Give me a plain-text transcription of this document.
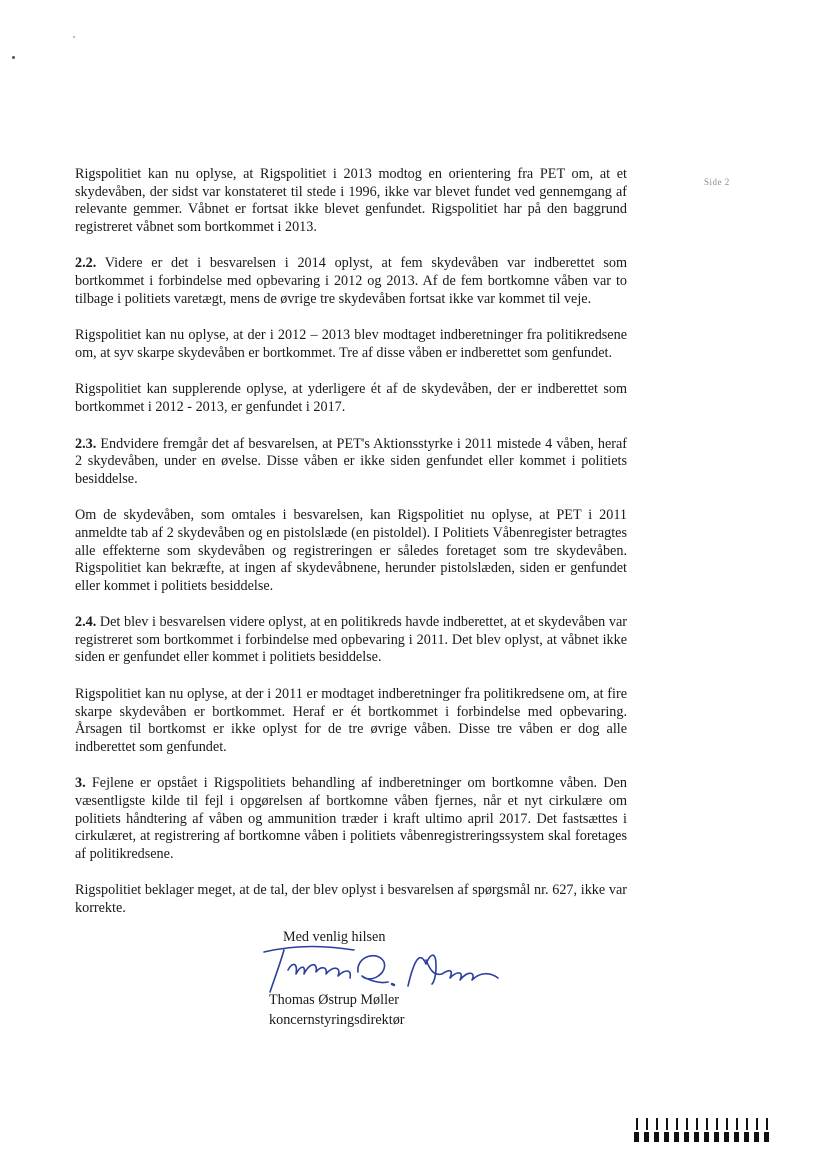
Side 2

Rigspolitiet kan nu oplyse, at Rigspolitiet i 2013 modtog en orientering fra PET om, at et skydevåben, der sidst var konstateret til stede i 1996, ikke var blevet fundet ved gennemgang af relevante gemmer. Våbnet er fortsat ikke blevet genfundet. Rigspolitiet har på den baggrund registreret våbnet som bortkommet i 2013.

2.2. Videre er det i besvarelsen i 2014 oplyst, at fem skydevåben var indberettet som bortkommet i forbindelse med opbevaring i 2012 og 2013. Af de fem bortkomne våben var to tilbage i politiets varetægt, mens de øvrige tre skydevåben fortsat ikke var kommet til veje.

Rigspolitiet kan nu oplyse, at der i 2012 – 2013 blev modtaget indberetninger fra politikredsene om, at syv skarpe skydevåben er bortkommet. Tre af disse våben er indberettet som genfundet.

Rigspolitiet kan supplerende oplyse, at yderligere ét af de skydevåben, der er indberettet som bortkommet i 2012 - 2013, er genfundet i 2017.

2.3. Endvidere fremgår det af besvarelsen, at PET's Aktionsstyrke i 2011 mistede 4 våben, heraf 2 skydevåben, under en øvelse. Disse våben er ikke siden genfundet eller kommet i politiets besiddelse.

Om de skydevåben, som omtales i besvarelsen, kan Rigspolitiet nu oplyse, at PET i 2011 anmeldte tab af 2 skydevåben og en pistolslæde (en pistoldel). I Politiets Våbenregister betragtes alle effekterne som skydevåben og registreringen er således foretaget som tre skydevåben. Rigspolitiet kan bekræfte, at ingen af skydevåbnene, herunder pistolslæden, siden er genfundet eller kommet i politiets besiddelse.

2.4. Det blev i besvarelsen videre oplyst, at en politikreds havde indberettet, at et skydevåben var registreret som bortkommet i forbindelse med opbevaring i 2011. Det blev oplyst, at våbnet ikke siden er genfundet eller kommet i politiets besiddelse.

Rigspolitiet kan nu oplyse, at der i 2011 er modtaget indberetninger fra politikredsene om, at fire skarpe skydevåben er bortkommet. Heraf er ét bortkommet i forbindelse med opbevaring. Årsagen til bortkomst er ikke oplyst for de tre øvrige våben. Disse tre våben er dog alle indberettet som genfundet.

3. Fejlene er opstået i Rigspolitiets behandling af indberetninger om bortkomne våben. Den væsentligste kilde til fejl i opgørelsen af bortkomne våben fjernes, når et nyt cirkulære om politiets håndtering af våben og ammunition træder i kraft ultimo april 2017. Det fastsættes i cirkulæret, at registrering af bortkomne våben i politiets våbenregistreringssystem skal foretages af politikredsene.

Rigspolitiet beklager meget, at de tal, der blev oplyst i besvarelsen af spørgsmål nr. 627, ikke var korrekte.

Med venlig hilsen
Thomas Østrup Møller
koncernstyringsdirektør
